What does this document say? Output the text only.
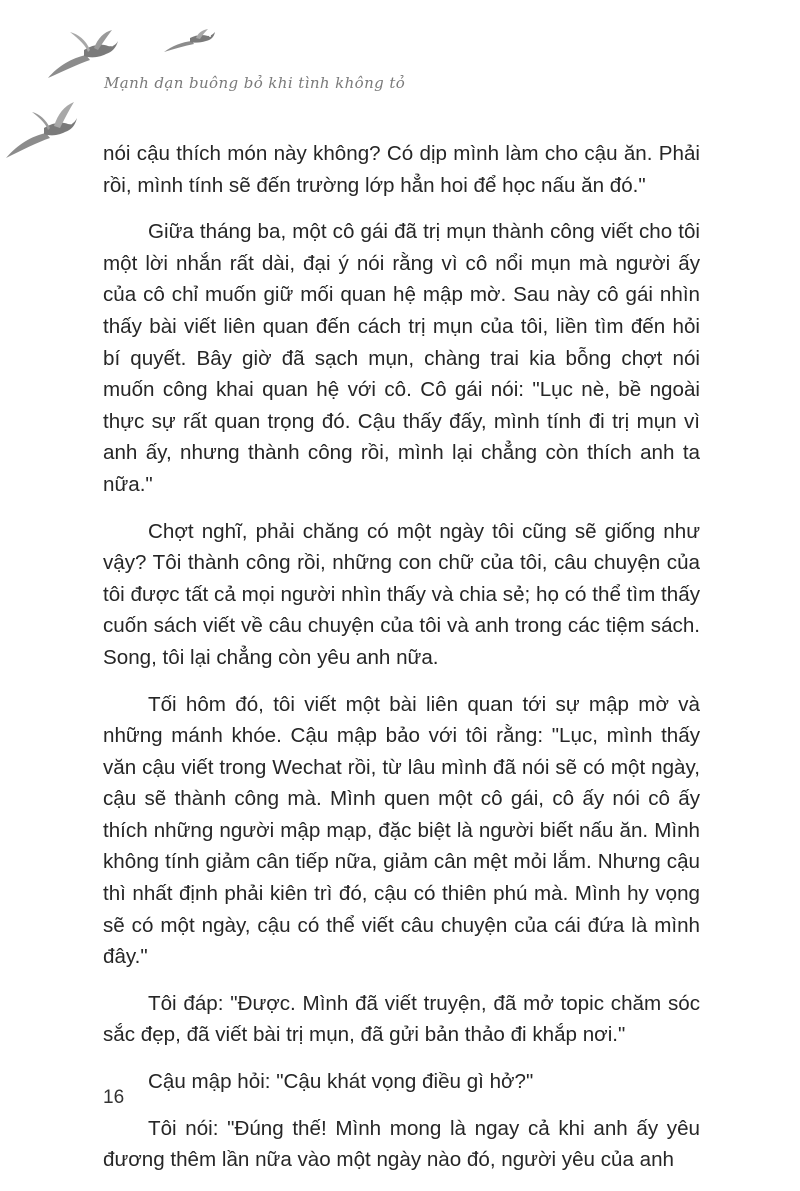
Mạnh dạn buông bỏ khi tình không tỏ

nói cậu thích món này không? Có dịp mình làm cho cậu ăn. Phải rồi, mình tính sẽ đến trường lớp hẳn hoi để học nấu ăn đó."

Giữa tháng ba, một cô gái đã trị mụn thành công viết cho tôi một lời nhắn rất dài, đại ý nói rằng vì cô nổi mụn mà người ấy của cô chỉ muốn giữ mối quan hệ mập mờ. Sau này cô gái nhìn thấy bài viết liên quan đến cách trị mụn của tôi, liền tìm đến hỏi bí quyết. Bây giờ đã sạch mụn, chàng trai kia bỗng chợt nói muốn công khai quan hệ với cô. Cô gái nói: "Lục nè, bề ngoài thực sự rất quan trọng đó. Cậu thấy đấy, mình tính đi trị mụn vì anh ấy, nhưng thành công rồi, mình lại chẳng còn thích anh ta nữa."

Chợt nghĩ, phải chăng có một ngày tôi cũng sẽ giống như vậy? Tôi thành công rồi, những con chữ của tôi, câu chuyện của tôi được tất cả mọi người nhìn thấy và chia sẻ; họ có thể tìm thấy cuốn sách viết về câu chuyện của tôi và anh trong các tiệm sách. Song, tôi lại chẳng còn yêu anh nữa.

Tối hôm đó, tôi viết một bài liên quan tới sự mập mờ và những mánh khóe. Cậu mập bảo với tôi rằng: "Lục, mình thấy văn cậu viết trong Wechat rồi, từ lâu mình đã nói sẽ có một ngày, cậu sẽ thành công mà. Mình quen một cô gái, cô ấy nói cô ấy thích những người mập mạp, đặc biệt là người biết nấu ăn. Mình không tính giảm cân tiếp nữa, giảm cân mệt mỏi lắm. Nhưng cậu thì nhất định phải kiên trì đó, cậu có thiên phú mà. Mình hy vọng sẽ có một ngày, cậu có thể viết câu chuyện của cái đứa là mình đây."

Tôi đáp: "Được. Mình đã viết truyện, đã mở topic chăm sóc sắc đẹp, đã viết bài trị mụn, đã gửi bản thảo đi khắp nơi."

Cậu mập hỏi: "Cậu khát vọng điều gì hở?"

Tôi nói: "Đúng thế! Mình mong là ngay cả khi anh ấy yêu đương thêm lần nữa vào một ngày nào đó, người yêu của anh

16
